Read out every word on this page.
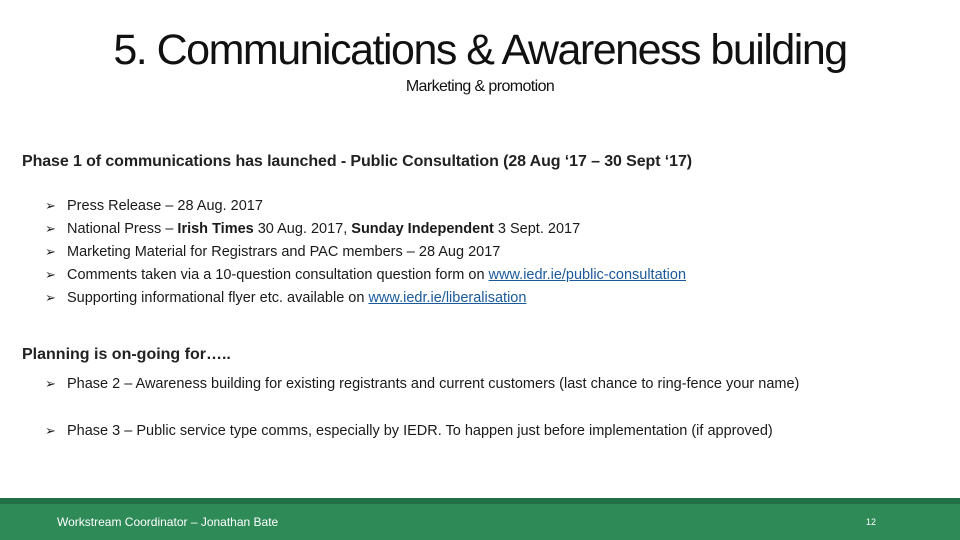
5. Communications & Awareness building
Marketing & promotion
Phase 1 of communications has launched - Public Consultation (28 Aug ‘17 – 30 Sept ‘17)
➢ Press Release – 28 Aug. 2017
➢ National Press – Irish Times 30 Aug. 2017, Sunday Independent 3 Sept. 2017
➢ Marketing Material for Registrars and PAC members – 28 Aug 2017
➢ Comments taken via a 10-question consultation question form on www.iedr.ie/public-consultation
➢ Supporting informational flyer etc. available on www.iedr.ie/liberalisation
Planning is on-going for…..
➢ Phase 2 – Awareness building for existing registrants and current customers (last chance to ring-fence your name)
➢ Phase 3 – Public service type comms, especially by IEDR. To happen just before implementation (if approved)
Workstream Coordinator – Jonathan Bate	12
